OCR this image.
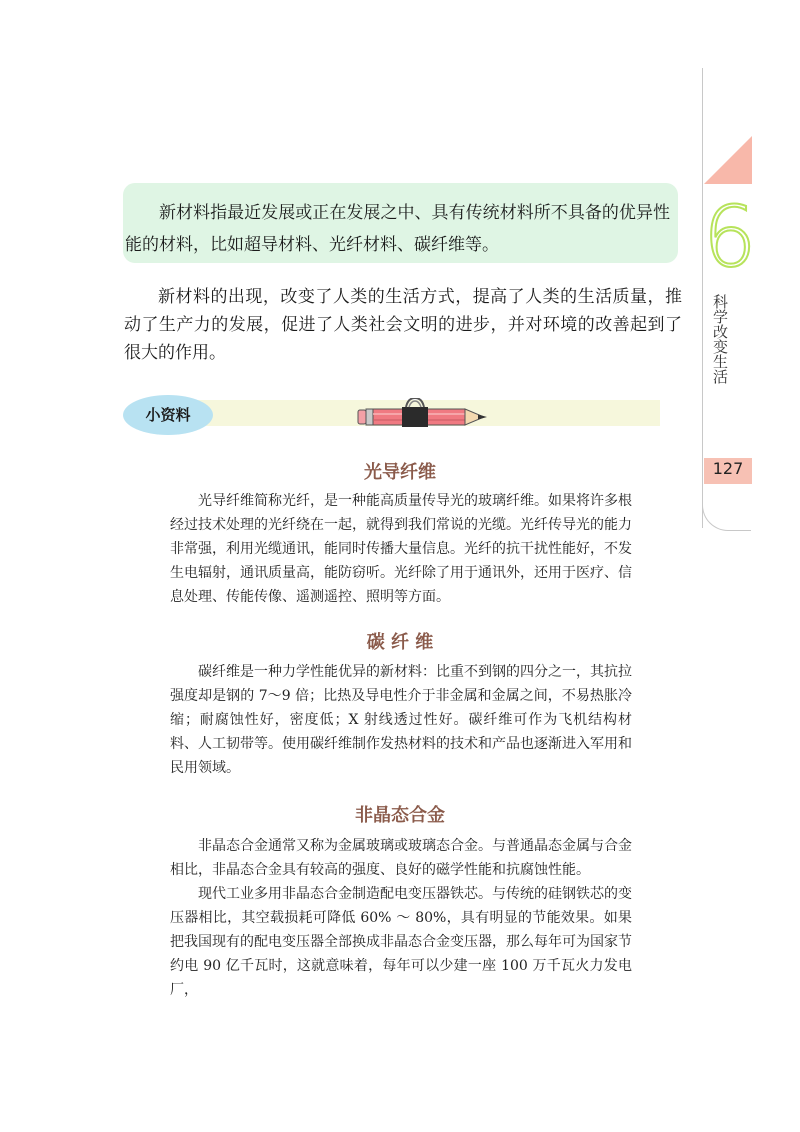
6
科学改变生活
127
新材料指最近发展或正在发展之中、具有传统材料所不具备的优异性能的材料，比如超导材料、光纤材料、碳纤维等。
新材料的出现，改变了人类的生活方式，提高了人类的生活质量，推动了生产力的发展，促进了人类社会文明的进步，并对环境的改善起到了很大的作用。
小资料
光导纤维

光导纤维简称光纤，是一种能高质量传导光的玻璃纤维。如果将许多根经过技术处理的光纤绕在一起，就得到我们常说的光缆。光纤传导光的能力非常强，利用光缆通讯，能同时传播大量信息。光纤的抗干扰性能好，不发生电辐射，通讯质量高，能防窃听。光纤除了用于通讯外，还用于医疗、信息处理、传能传像、遥测遥控、照明等方面。

碳 纤 维

碳纤维是一种力学性能优异的新材料：比重不到钢的四分之一，其抗拉强度却是钢的 7～9 倍；比热及导电性介于非金属和金属之间，不易热胀冷缩；耐腐蚀性好，密度低；X 射线透过性好。碳纤维可作为飞机结构材料、人工韧带等。使用碳纤维制作发热材料的技术和产品也逐渐进入军用和民用领域。

非晶态合金

非晶态合金通常又称为金属玻璃或玻璃态合金。与普通晶态金属与合金相比，非晶态合金具有较高的强度、良好的磁学性能和抗腐蚀性能。

现代工业多用非晶态合金制造配电变压器铁芯。与传统的硅钢铁芯的变压器相比，其空载损耗可降低 60% ～ 80%，具有明显的节能效果。如果把我国现有的配电变压器全部换成非晶态合金变压器，那么每年可为国家节约电 90 亿千瓦时，这就意味着，每年可以少建一座 100 万千瓦火力发电厂，
